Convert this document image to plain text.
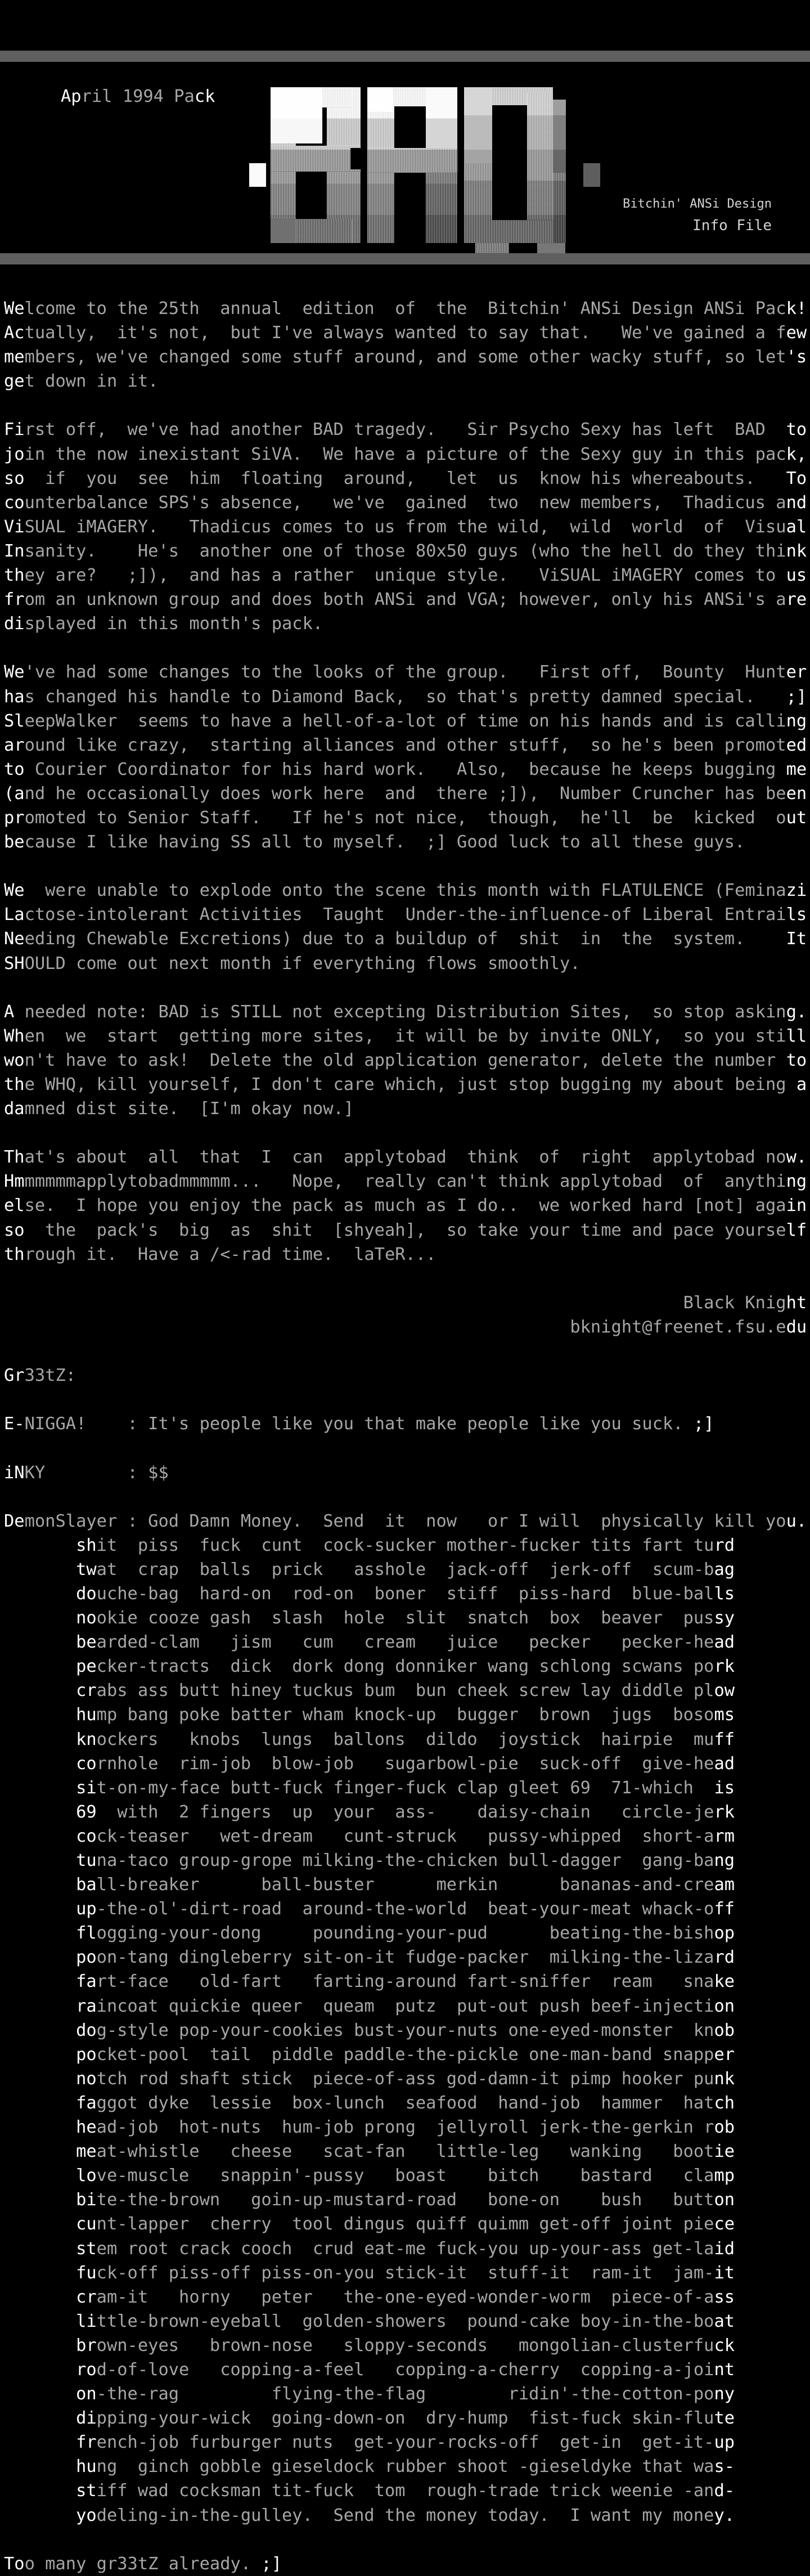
April 1994 Pack
Bitchin' ANSi Design
Info File
Welcome to the 25th  annual  edition  of  the  Bitchin' ANSi Design ANSi Pack!
Actually,  it's not,  but I've always wanted to say that.   We've gained a few
members, we've changed some stuff around, and some other wacky stuff, so let's
get down in it.

First off,  we've had another BAD tragedy.   Sir Psycho Sexy has left  BAD  to
join the now inexistant SiVA.  We have a picture of the Sexy guy in this pack,
so  if  you  see  him  floating  around,   let  us  know his whereabouts.   To
counterbalance SPS's absence,   we've  gained  two  new members,  Thadicus and
ViSUAL iMAGERY.   Thadicus comes to us from the wild,  wild  world  of  Visual
Insanity.    He's  another one of those 80x50 guys (who the hell do they think
they are?   ;]),  and has a rather  unique style.   ViSUAL iMAGERY comes to us
from an unknown group and does both ANSi and VGA; however, only his ANSi's are
displayed in this month's pack.

We've had some changes to the looks of the group.   First off,  Bounty  Hunter
has changed his handle to Diamond Back,  so that's pretty damned special.   ;]
SleepWalker  seems to have a hell-of-a-lot of time on his hands and is calling
around like crazy,  starting alliances and other stuff,  so he's been promoted
to Courier Coordinator for his hard work.   Also,  because he keeps bugging me
(and he occasionally does work here  and  there ;]),  Number Cruncher has been
promoted to Senior Staff.   If he's not nice,  though,  he'll  be  kicked  out
because I like having SS all to myself.  ;] Good luck to all these guys.

We  were unable to explode onto the scene this month with FLATULENCE (Feminazi
Lactose-intolerant Activities  Taught  Under-the-influence-of Liberal Entrails
Needing Chewable Excretions) due to a buildup of  shit  in  the  system.    It
SHOULD come out next month if everything flows smoothly.

A needed note: BAD is STILL not excepting Distribution Sites,  so stop asking.
When  we  start  getting more sites,  it will be by invite ONLY,  so you still
won't have to ask!  Delete the old application generator, delete the number to
the WHQ, kill yourself, I don't care which, just stop bugging my about being a
damned dist site.  [I'm okay now.]

That's about  all  that  I  can  applytobad  think  of  right  applytobad now.
Hmmmmmmapplytobadmmmmm...   Nope,  really can't think applytobad  of  anything
else.  I hope you enjoy the pack as much as I do..  we worked hard [not] again
so  the  pack's  big  as  shit  [shyeah],  so take your time and pace yourself
through it.  Have a /<-rad time.  laTeR...

Black Knight
bknight@freenet.fsu.edu

Gr33tZ:

E-NIGGA!    : It's people like you that make people like you suck. ;]

iNKY        : $$

DemonSlayer : God Damn Money.  Send  it  now   or I will  physically kill you.
shit  piss  fuck  cunt  cock-sucker mother-fucker tits fart turd
twat  crap  balls  prick   asshole  jack-off  jerk-off  scum-bag
douche-bag  hard-on  rod-on  boner  stiff  piss-hard  blue-balls
nookie cooze gash  slash  hole  slit  snatch  box  beaver  pussy
bearded-clam   jism   cum   cream   juice   pecker   pecker-head
pecker-tracts  dick  dork dong donniker wang schlong scwans pork
crabs ass butt hiney tuckus bum  bun cheek screw lay diddle plow
hump bang poke batter wham knock-up  bugger  brown  jugs  bosoms
knockers   knobs  lungs  ballons  dildo  joystick  hairpie  muff
cornhole  rim-job  blow-job   sugarbowl-pie  suck-off  give-head
sit-on-my-face butt-fuck finger-fuck clap gleet 69  71-which  is
69  with  2 fingers  up  your  ass-    daisy-chain   circle-jerk
cock-teaser   wet-dream   cunt-struck   pussy-whipped  short-arm
tuna-taco group-grope milking-the-chicken bull-dagger  gang-bang
ball-breaker      ball-buster      merkin      bananas-and-cream
up-the-ol'-dirt-road  around-the-world  beat-your-meat whack-off
flogging-your-dong     pounding-your-pud      beating-the-bishop
poon-tang dingleberry sit-on-it fudge-packer  milking-the-lizard
fart-face   old-fart   farting-around fart-sniffer  ream   snake
raincoat quickie queer  queam  putz  put-out push beef-injection
dog-style pop-your-cookies bust-your-nuts one-eyed-monster  knob
pocket-pool  tail  piddle paddle-the-pickle one-man-band snapper
notch rod shaft stick  piece-of-ass god-damn-it pimp hooker punk
faggot dyke  lessie  box-lunch  seafood  hand-job  hammer  hatch
head-job  hot-nuts  hum-job prong  jellyroll jerk-the-gerkin rob
meat-whistle   cheese   scat-fan   little-leg   wanking   bootie
love-muscle   snappin'-pussy   boast    bitch    bastard   clamp
bite-the-brown   goin-up-mustard-road   bone-on    bush   button
cunt-lapper  cherry  tool dingus quiff quimm get-off joint piece
stem root crack cooch  crud eat-me fuck-you up-your-ass get-laid
fuck-off piss-off piss-on-you stick-it  stuff-it  ram-it  jam-it
cram-it   horny   peter   the-one-eyed-wonder-worm  piece-of-ass
little-brown-eyeball  golden-showers  pound-cake boy-in-the-boat
brown-eyes   brown-nose   sloppy-seconds   mongolian-clusterfuck
rod-of-love   copping-a-feel   copping-a-cherry  copping-a-joint
on-the-rag         flying-the-flag        ridin'-the-cotton-pony
dipping-your-wick  going-down-on  dry-hump  fist-fuck skin-flute
french-job furburger nuts  get-your-rocks-off  get-in  get-it-up
hung  ginch gobble gieseldock rubber shoot -gieseldyke that was-
stiff wad cocksman tit-fuck  tom  rough-trade trick weenie -and-
yodeling-in-the-gulley.  Send the money today.  I want my money.

Too many gr33tZ already. ;]
